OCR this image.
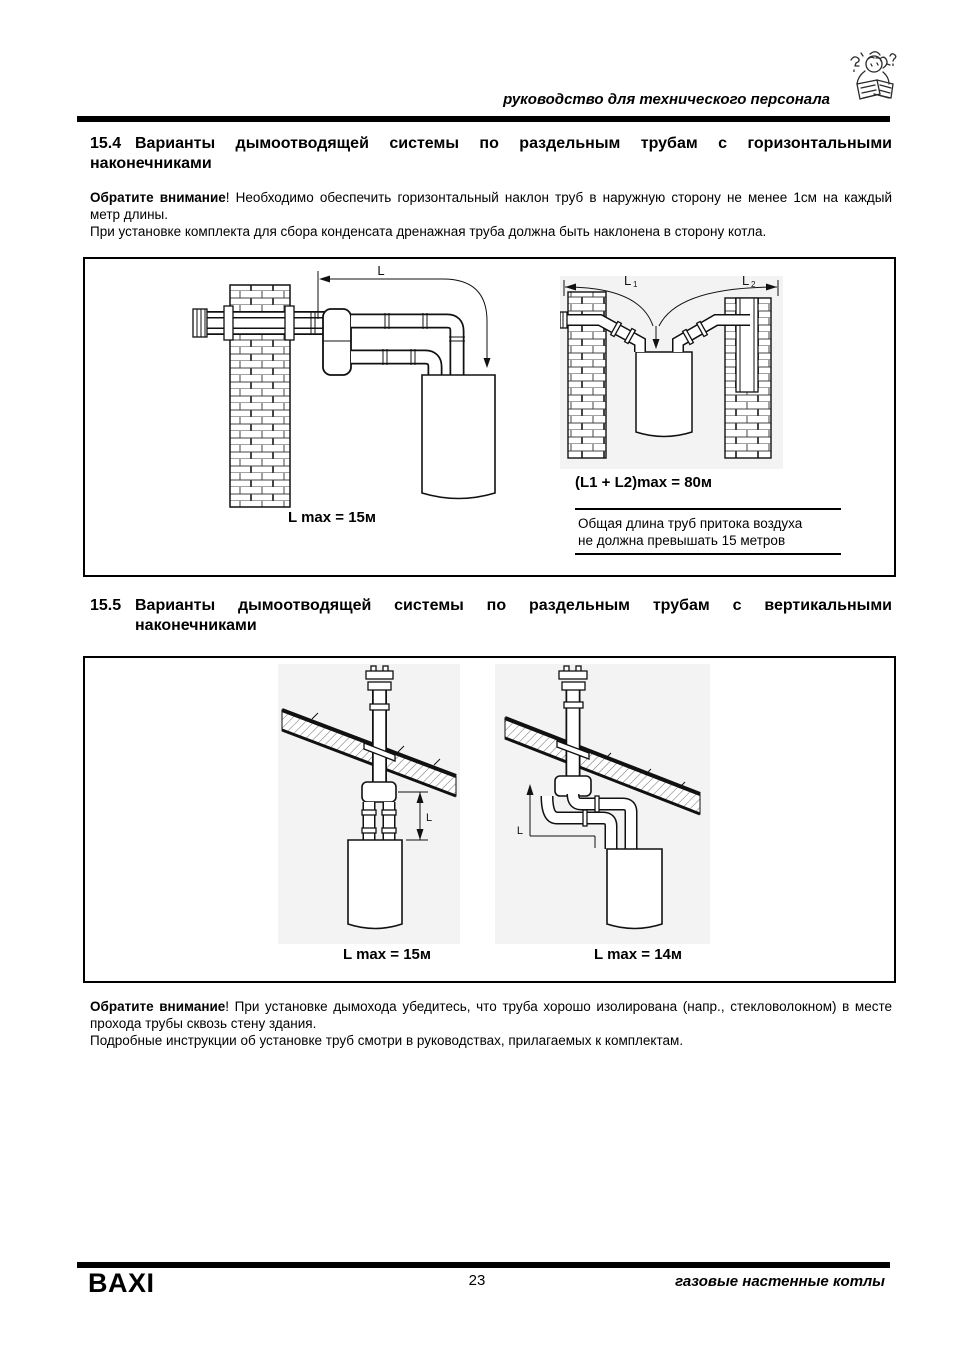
руководство для технического персонала
15.4 Варианты дымоотводящей системы по раздельным трубам с горизонтальными
наконечниками
Обратите внимание! Необходимо обеспечить горизонтальный наклон труб в наружную сторону не менее 1см на каждый метр длины.
При установке комплекта для сбора конденсата дренажная труба должна быть наклонена в сторону котла.
L
L max = 15м
L 1	L 2
(L1 + L2)max = 80м
Общая длина труб притока воздуха
не должна превышать 15 метров
15.5 Варианты дымоотводящей системы по раздельным трубам с вертикальными
наконечниками
L
L max = 15м
L
L max = 14м
Обратите внимание! При установке дымохода убедитесь, что труба хорошо изолирована (напр., стекловолокном) в месте прохода трубы сквозь стену здания.
Подробные инструкции об установке труб смотри в руководствах, прилагаемых к комплектам.
BAXI	23	газовые настенные котлы
